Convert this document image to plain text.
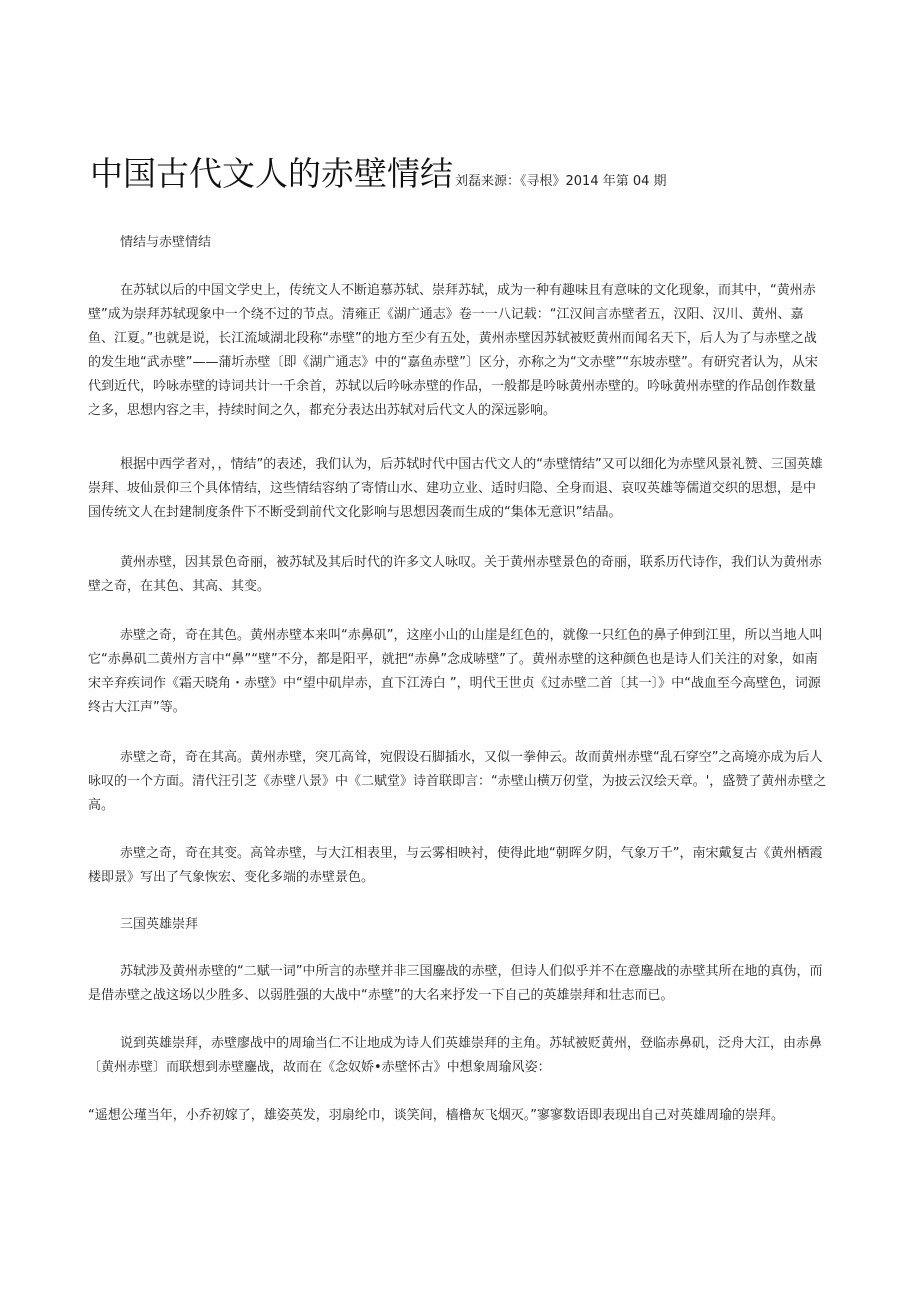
中国古代文人的赤壁情结 刘磊来源：《寻根》2014 年第 04 期
情结与赤壁情结
在苏轼以后的中国文学史上，传统文人不断追慕苏轼、崇拜苏轼，成为一种有趣味且有意味的文化现象，而其中，“黄州赤壁”成为崇拜苏轼现象中一个绕不过的节点。清雍正《湖广通志》卷一一八记载：“江汉间言赤壁者五，汉阳、汉川、黄州、嘉鱼、江夏。”也就是说，长江流域湖北段称“赤壁”的地方至少有五处，黄州赤壁因苏轼被贬黄州而闻名天下，后人为了与赤壁之战的发生地“武赤壁”——蒲圻赤壁〔即《湖广通志》中的“嘉鱼赤壁”〕区分，亦称之为“文赤壁”“东坡赤壁”。有研究者认为，从宋代到近代，吟咏赤壁的诗词共计一千余首，苏轼以后吟咏赤壁的作品，一般都是吟咏黄州赤壁的。吟咏黄州赤壁的作品创作数量之多，思想内容之丰，持续时间之久，都充分表达出苏轼对后代文人的深远影响。
根据中西学者对，，情结”的表述，我们认为，后苏轼时代中国古代文人的“赤壁情结”又可以细化为赤壁风景礼赞、三国英雄崇拜、坡仙景仰三个具体情结，这些情结容纳了寄情山水、建功立业、适时归隐、全身而退、哀叹英雄等儒道交织的思想，是中国传统文人在封建制度条件下不断受到前代文化影响与思想因袭而生成的“集体无意识”结晶。
黄州赤壁，因其景色奇丽，被苏轼及其后时代的许多文人咏叹。关于黄州赤壁景色的奇丽，联系历代诗作，我们认为黄州赤壁之奇，在其色、其高、其变。
赤壁之奇，奇在其色。黄州赤壁本来叫“赤鼻矶”，这座小山的山崖是红色的，就像一只红色的鼻子伸到江里，所以当地人叫它“赤鼻矶二黄州方言中“鼻”“壁”不分，都是阳平，就把“赤鼻”念成哧壁”了。黄州赤壁的这种颜色也是诗人们关注的对象，如南宋辛弃疾词作《霜天晓角・赤壁》中“望中矶岸赤，直下江涛白 ”，明代王世贞《过赤壁二首〔其一〕》中“战血至今高壁色，词源终古大江声”等。
赤壁之奇，奇在其高。黄州赤壁，突兀高耸，宛假设石脚插水，又似一拳伸云。故而黄州赤壁“乱石穿空”之高境亦成为后人咏叹的一个方面。清代汪引芝《赤壁八景》中《二赋堂》诗首联即言：“赤壁山横万仞堂，为披云汉绘天章。'，盛赞了黄州赤壁之高。
赤壁之奇，奇在其变。高耸赤壁，与大江相表里，与云雾相映衬，使得此地“朝晖夕阴，气象万千”，南宋戴复古《黄州栖霞楼即景》写出了气象恢宏、变化多端的赤壁景色。
三国英雄崇拜
苏轼涉及黄州赤壁的“二赋一词”中所言的赤壁并非三国鏖战的赤壁，但诗人们似乎并不在意鏖战的赤壁其所在地的真伪，而是借赤壁之战这场以少胜多、以弱胜强的大战中“赤壁”的大名来抒发一下自己的英雄崇拜和壮志而已。
说到英雄崇拜，赤壁廖战中的周瑜当仁不让地成为诗人们英雄崇拜的主角。苏轼被贬黄州，登临赤鼻矶，泛舟大江，由赤鼻〔黄州赤壁〕而联想到赤壁鏖战，故而在《念奴娇•赤壁怀古》中想象周瑜风姿：
“遥想公瑾当年，小乔初嫁了，雄姿英发，羽扇纶巾，谈笑间，樯橹灰飞烟灭。”寥寥数语即表现出自己对英雄周瑜的崇拜。
